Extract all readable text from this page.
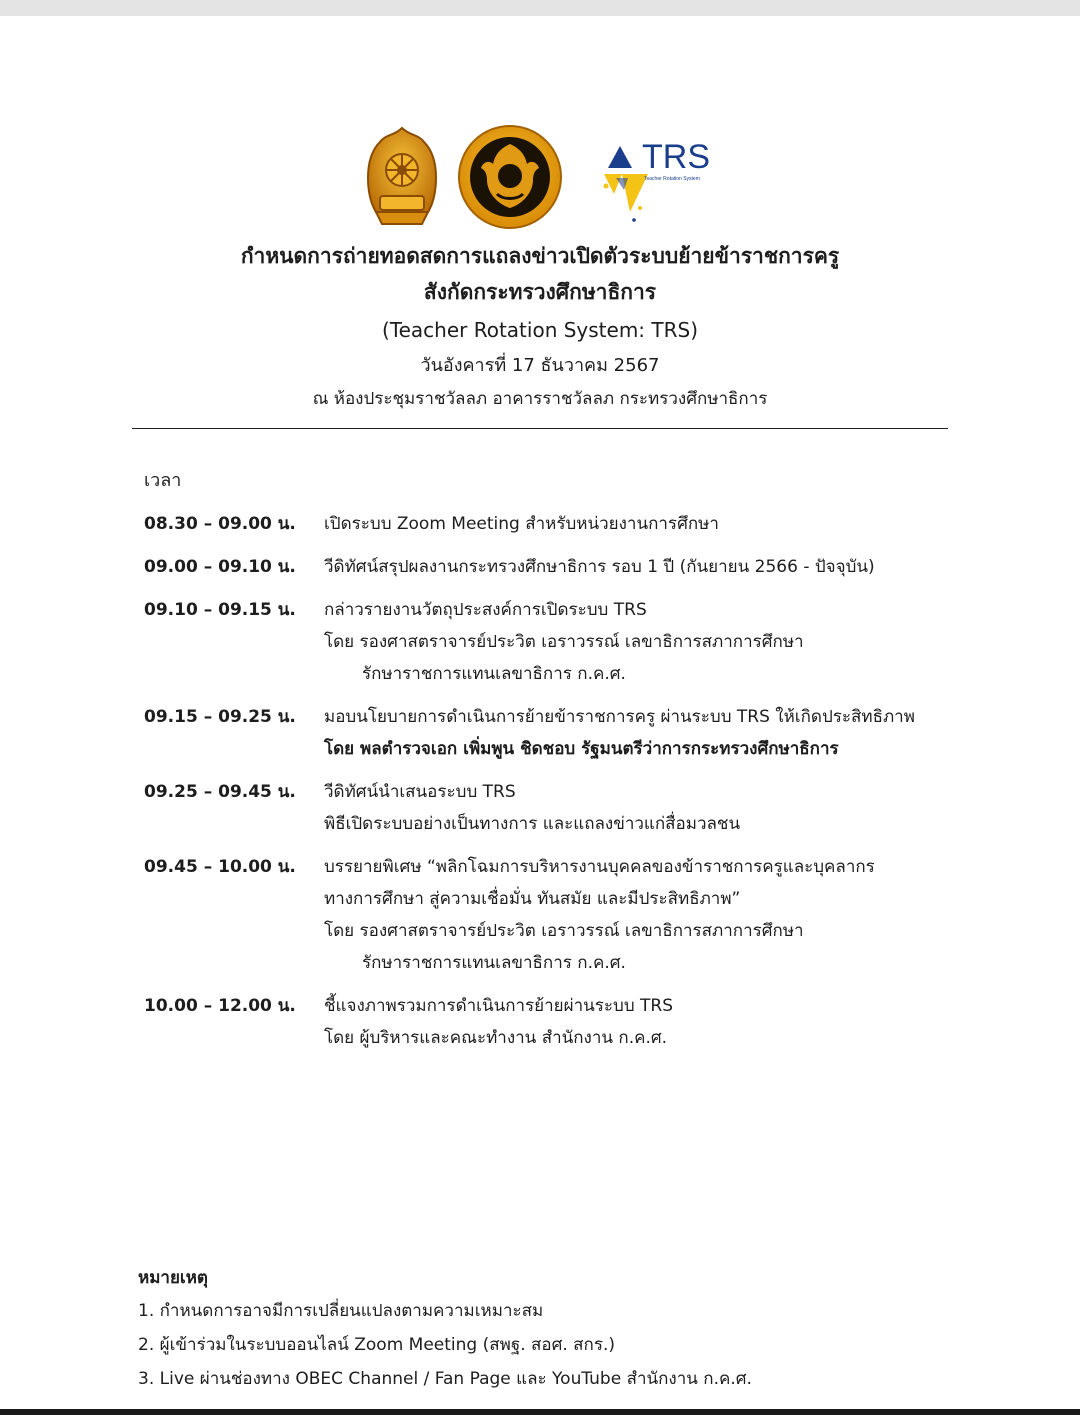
TRS
Teacher Rotation System
กำหนดการถ่ายทอดสดการแถลงข่าวเปิดตัวระบบย้ายข้าราชการครู
สังกัดกระทรวงศึกษาธิการ
(Teacher Rotation System: TRS)
วันอังคารที่ 17 ธันวาคม 2567
ณ ห้องประชุมราชวัลลภ อาคารราชวัลลภ กระทรวงศึกษาธิการ
เวลา
08.30 – 09.00 น.	เปิดระบบ Zoom Meeting สำหรับหน่วยงานการศึกษา
09.00 – 09.10 น.	วีดิทัศน์สรุปผลงานกระทรวงศึกษาธิการ รอบ 1 ปี (กันยายน 2566 - ปัจจุบัน)
09.10 – 09.15 น.	กล่าวรายงานวัตถุประสงค์การเปิดระบบ TRS
โดย รองศาสตราจารย์ประวิต เอราวรรณ์ เลขาธิการสภาการศึกษา
รักษาราชการแทนเลขาธิการ ก.ค.ศ.
09.15 – 09.25 น.	มอบนโยบายการดำเนินการย้ายข้าราชการครู ผ่านระบบ TRS ให้เกิดประสิทธิภาพ
โดย พลตำรวจเอก เพิ่มพูน ชิดชอบ รัฐมนตรีว่าการกระทรวงศึกษาธิการ
09.25 – 09.45 น.	วีดิทัศน์นำเสนอระบบ TRS
พิธีเปิดระบบอย่างเป็นทางการ และแถลงข่าวแก่สื่อมวลชน
09.45 – 10.00 น.	บรรยายพิเศษ “พลิกโฉมการบริหารงานบุคคลของข้าราชการครูและบุคลากร
ทางการศึกษา สู่ความเชื่อมั่น ทันสมัย และมีประสิทธิภาพ”
โดย รองศาสตราจารย์ประวิต เอราวรรณ์ เลขาธิการสภาการศึกษา
รักษาราชการแทนเลขาธิการ ก.ค.ศ.
10.00 – 12.00 น.	ชี้แจงภาพรวมการดำเนินการย้ายผ่านระบบ TRS
โดย ผู้บริหารและคณะทำงาน สำนักงาน ก.ค.ศ.
หมายเหตุ
1. กำหนดการอาจมีการเปลี่ยนแปลงตามความเหมาะสม
2. ผู้เข้าร่วมในระบบออนไลน์ Zoom Meeting (สพฐ. สอศ. สกร.)
3. Live ผ่านช่องทาง OBEC Channel / Fan Page และ YouTube สำนักงาน ก.ค.ศ.
